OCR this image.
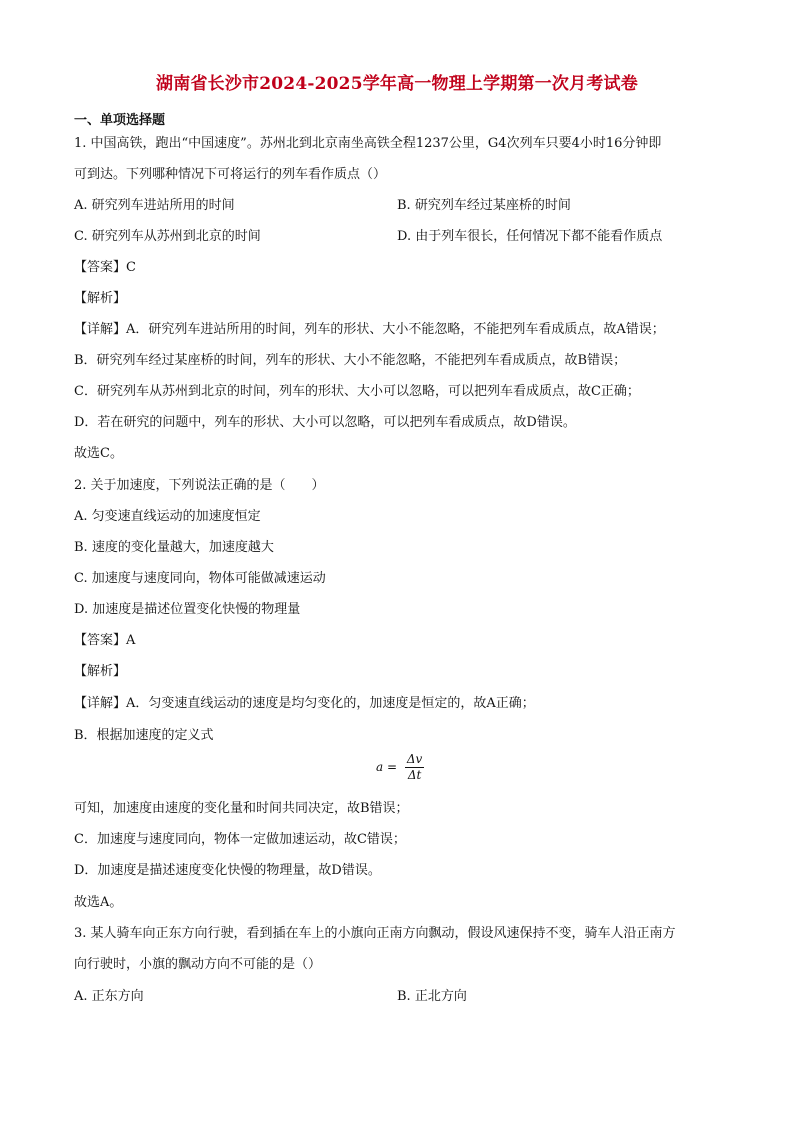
湖南省长沙市2024-2025学年高一物理上学期第一次月考试卷
一、单项选择题
1. 中国高铁，跑出“中国速度”。苏州北到北京南坐高铁全程1237公里，G4次列车只要4小时16分钟即
可到达。下列哪种情况下可将运行的列车看作质点（）
A. 研究列车进站所用的时间	B. 研究列车经过某座桥的时间
C. 研究列车从苏州到北京的时间	D. 由于列车很长，任何情况下都不能看作质点
【答案】C
【解析】
【详解】A．研究列车进站所用的时间，列车的形状、大小不能忽略，不能把列车看成质点，故A错误；
B．研究列车经过某座桥的时间，列车的形状、大小不能忽略，不能把列车看成质点，故B错误；
C．研究列车从苏州到北京的时间，列车的形状、大小可以忽略，可以把列车看成质点，故C正确；
D．若在研究的问题中，列车的形状、大小可以忽略，可以把列车看成质点，故D错误。
故选C。
2. 关于加速度，下列说法正确的是（　　）
A. 匀变速直线运动的加速度恒定
B. 速度的变化量越大，加速度越大
C. 加速度与速度同向，物体可能做减速运动
D. 加速度是描述位置变化快慢的物理量
【答案】A
【解析】
【详解】A．匀变速直线运动的速度是均匀变化的，加速度是恒定的，故A正确；
B．根据加速度的定义式
$a = \frac{\Delta v}{\Delta t}$
可知，加速度由速度的变化量和时间共同决定，故B错误；
C．加速度与速度同向，物体一定做加速运动，故C错误；
D．加速度是描述速度变化快慢的物理量，故D错误。
故选A。
3. 某人骑车向正东方向行驶，看到插在车上的小旗向正南方向飘动，假设风速保持不变，骑车人沿正南方
向行驶时，小旗的飘动方向不可能的是（）
A. 正东方向	B. 正北方向
